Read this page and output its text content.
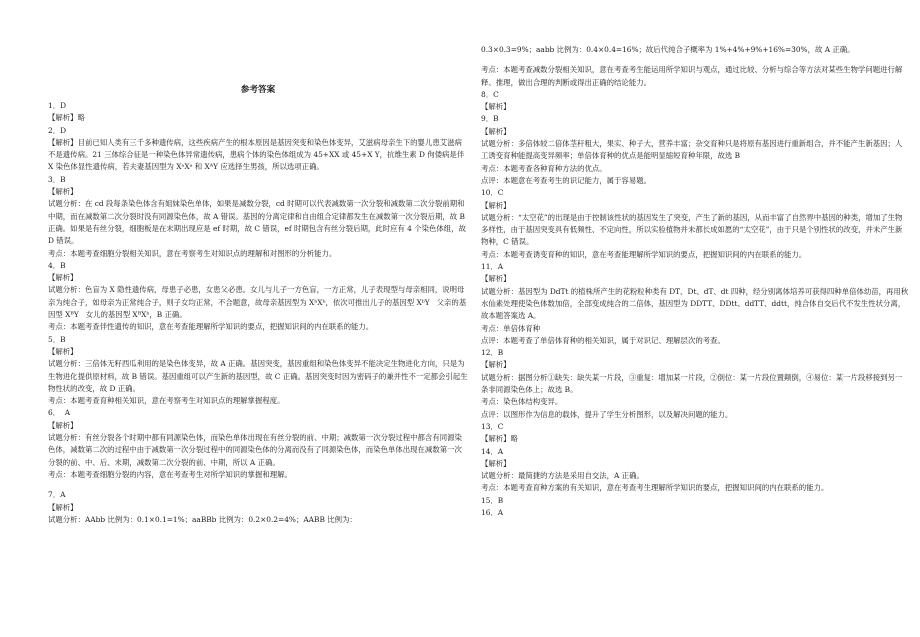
参考答案

1．D

【解析】略

2．D

【解析】目前已知人类有三千多种遗传病，这些疾病产生的根本原因是基因突变和染色体变异，艾滋病母亲生下的婴儿患艾滋病不是遗传病。21 三体综合征是一种染色体异常遗传病，患病个体的染色体组成为 45+XX 或 45+X Y，抗维生素 D 佝偻病是伴 X 染色体显性遗传病，若夫妻基因型为 XᵃXᵃ 和 XᴬY 应选择生男孩，所以选项正确。

3．B

【解析】

试题分析：在 cd 段每条染色体含有姐妹染色单体，如果是减数分裂，cd 时期可以代表减数第一次分裂和减数第二次分裂前期和中期，而在减数第二次分裂时没有同源染色体，故 A 错误。基因的分离定律和自由组合定律都发生在减数第一次分裂后期，故 B 正确。如果是有丝分裂，细胞板是在末期出现应是 ef 时期，故 C 错误，ef 时期包含有丝分裂后期，此时应有 4 个染色体组，故 D 错误。

考点：本题考查细胞分裂相关知识，意在考察考生对知识点的理解和对图形的分析能力。

4．B

【解析】

试题分析：色盲为 X 隐性遗传病，母患子必患，女患父必患。女儿与儿子一方色盲，一方正常，儿子表现型与母亲相同，说明母亲为纯合子，如母亲为正常纯合子，则子女均正常，不合题意，故母亲基因型为 XᵇXᵇ，依次可推出儿子的基因型 XᵇY   父亲的基因型 XᴮY   女儿的基因型 XᴮXᵇ，B 正确。

考点：本题考查伴性遗传的知识，意在考查能理解所学知识的要点，把握知识间的内在联系的能力。

5．B

【解析】

试题分析：三倍体无籽西瓜利用的是染色体变异，故 A 正确。基因突变，基因重组和染色体变异不能决定生物进化方向，只是为生物进化提供原材料，故 B 错误。基因重组可以产生新的基因型，故 C 正确。基因突变时因为密码子的兼并性不一定都会引起生物性状的改变，故 D 正确。

考点：本题考查育种相关知识，意在考察考生对知识点的理解掌握程度。

6．  A

【解析】

试题分析：有丝分裂各个时期中都有同源染色体，而染色单体出现在有丝分裂的前、中期；减数第一次分裂过程中都含有同源染色体，减数第二次的过程中由于减数第一次分裂过程中的同源染色体的分离而没有了同源染色体，而染色单体出现在减数第一次分裂的前、中、后、末期，减数第二次分裂的前、中期，所以 A 正确。

考点：本题考查细胞分裂的内容，意在考查考生对所学知识的掌握和理解。

7．A

【解析】

试题分析：AAbb 比例为：0.1×0.1=1%；aaBBb 比例为：0.2×0.2=4%；AABB 比例为：

0.3×0.3=9%；aabb 比例为：0.4×0.4=16%；故后代纯合子概率为 1%+4%+9%+16%=30%，故 A 正确。

考点：本题考查减数分裂相关知识，意在考查考生能运用所学知识与观点，通过比较、分析与综合等方法对某些生物学问题进行解释、推理，做出合理的判断或得出正确的结论能力。

8．C

【解析】

9．B

【解析】

试题分析：多倍体较二倍体茎秆粗大，果实、种子大，营养丰富；杂交育种只是将原有基因进行重新组合，并不能产生新基因；人工诱变育种能提高变异频率；单倍体育种的优点是能明显缩短育种年限，故选 B

考点：本题考查各种育种方法的优点。

点评：本题意在考查考生的识记能力，属于容易题。

10．C

【解析】

试题分析：“太空花”的出现是由于控制该性状的基因发生了突变，产生了新的基因，从而丰富了自然界中基因的种类，增加了生物多样性，由于基因突变具有低频性、不定向性，所以实验植物并未都长成如愿的“太空花”，由于只是个别性状的改变，并未产生新物种，C 错误。

考点：本题考查诱变育种的知识，意在考查能理解所学知识的要点，把握知识间的内在联系的能力。

11．A

【解析】

试题分析：基因型为 DdTt 的植株所产生的花粉粒种类有 DT、Dt、dT、dt 四种，经分别离体培养可获得四种单倍体幼苗，再用秋水仙素处理使染色体数加倍，全部变成纯合的二倍体，基因型为 DDTT、DDtt、ddTT、ddtt，纯合体自交后代不发生性状分离，故本题答案选 A。

考点：单倍体育种

点评：本题考查了单倍体育种的相关知识，属于对识记、理解层次的考查。

12．B

【解析】

试题分析：据图分析①缺失：缺失某一片段，③重复：增加某一片段，②倒位：某一片段位置颠倒，④易位：某一片段移接到另一条非同源染色体上；故选 B。

考点：染色体结构变异。

点评：以图形作为信息的载体，提升了学生分析图形，以及解决问题的能力。

13．C

【解析】略

14．A

【解析】

试题分析：最简捷的方法是采用自交法，A 正确。

考点：本题考查育种方案的有关知识，意在考查考生理解所学知识的要点，把握知识间的内在联系的能力。

15．B

16．A
